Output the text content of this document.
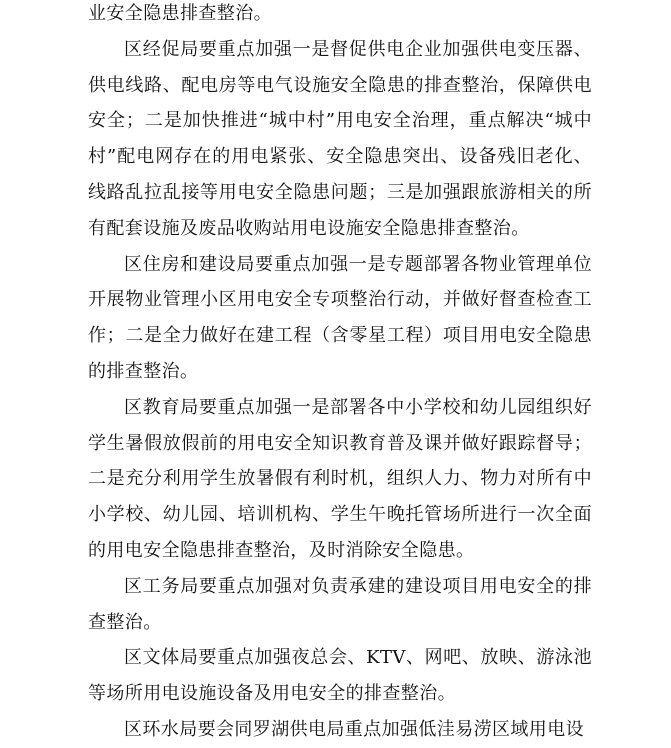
业安全隐患排查整治。

区经促局要重点加强一是督促供电企业加强供电变压器、供电线路、配电房等电气设施安全隐患的排查整治，保障供电安全；二是加快推进“城中村”用电安全治理，重点解决“城中村”配电网存在的用电紧张、安全隐患突出、设备残旧老化、线路乱拉乱接等用电安全隐患问题；三是加强跟旅游相关的所有配套设施及废品收购站用电设施安全隐患排查整治。

区住房和建设局要重点加强一是专题部署各物业管理单位开展物业管理小区用电安全专项整治行动，并做好督查检查工作；二是全力做好在建工程（含零星工程）项目用电安全隐患的排查整治。

区教育局要重点加强一是部署各中小学校和幼儿园组织好学生暑假放假前的用电安全知识教育普及课并做好跟踪督导；二是充分利用学生放暑假有利时机，组织人力、物力对所有中小学校、幼儿园、培训机构、学生午晚托管场所进行一次全面的用电安全隐患排查整治，及时消除安全隐患。

区工务局要重点加强对负责承建的建设项目用电安全的排查整治。

区文体局要重点加强夜总会、KTV、网吧、放映、游泳池等场所用电设施设备及用电安全的排查整治。

区环水局要会同罗湖供电局重点加强低洼易涝区域用电设
